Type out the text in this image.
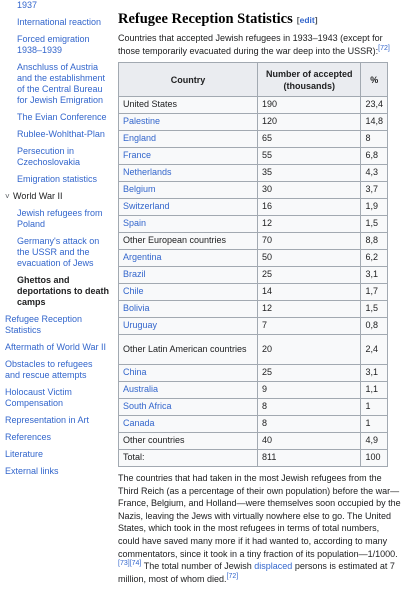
1937
International reaction
Forced emigration 1938–1939
Anschluss of Austria and the establishment of the Central Bureau for Jewish Emigration
The Evian Conference
Rublee-Wohlthat-Plan
Persecution in Czechoslovakia
Emigration statistics
˅ World War II
Jewish refugees from Poland
Germany's attack on the USSR and the evacuation of Jews
Ghettos and deportations to death camps
Refugee Reception Statistics
Aftermath of World War II
Obstacles to refugees and rescue attempts
Holocaust Victim Compensation
Representation in Art
References
Literature
External links
Refugee Reception Statistics [edit]

Countries that accepted Jewish refugees in 1933–1943 (except for those temporarily evacuated during the war deep into the USSR):[72]

Country	Number of accepted (thousands)	%
United States	190	23,4
Palestine	120	14,8
England	65	8
France	55	6,8
Netherlands	35	4,3
Belgium	30	3,7
Switzerland	16	1,9
Spain	12	1,5
Other European countries	70	8,8
Argentina	50	6,2
Brazil	25	3,1
Chile	14	1,7
Bolivia	12	1,5
Uruguay	7	0,8
Other Latin American countries	20	2,4
China	25	3,1
Australia	9	1,1
South Africa	8	1
Canada	8	1
Other countries	40	4,9
Total:	811	100

The countries that had taken in the most Jewish refugees from the Third Reich (as a percentage of their own population) before the war—France, Belgium, and Holland—were themselves soon occupied by the Nazis, leaving the Jews with virtually nowhere else to go. The United States, which took in the most refugees in terms of total numbers, could have saved many more if it had wanted to, according to many commentators, since it took in a tiny fraction of its population—1/1000.[73][74] The total number of Jewish displaced persons is estimated at 7 million, most of whom died.[72]
